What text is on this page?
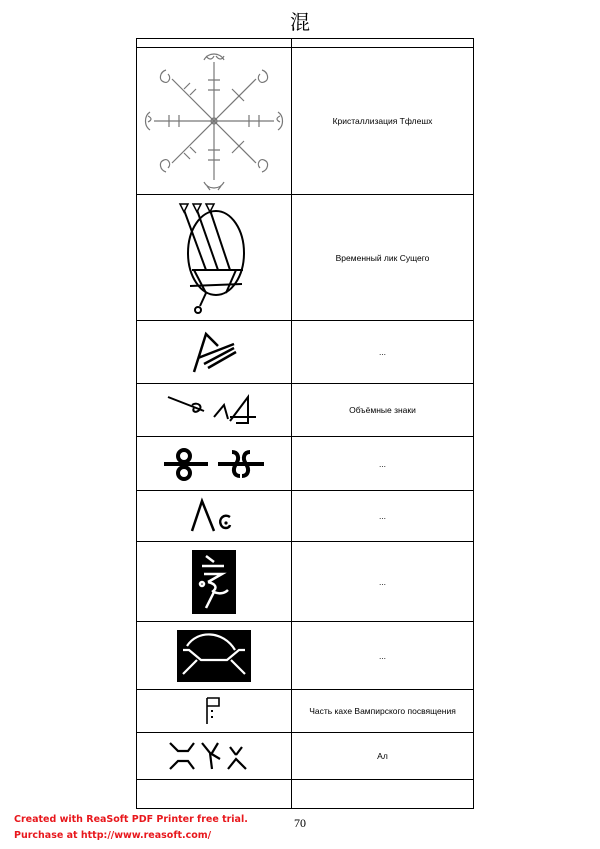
混

	Кристаллизация Тфлешх

	Временный лик Сущего

	...

	Объёмные знаки

	...

	...

	...

	...

	Часть кахе Вампирского посвящения

	Ал

70
Created with ReaSoft PDF Printer free trial.
Purchase at http://www.reasoft.com/
